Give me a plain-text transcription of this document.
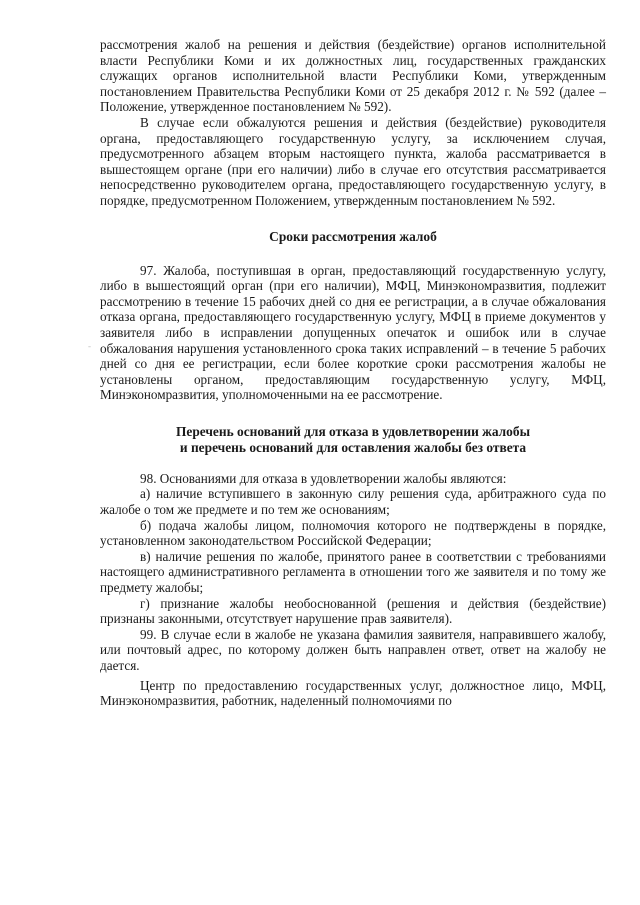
-

рассмотрения жалоб на решения и действия (бездействие) органов исполнительной власти Республики Коми и их должностных лиц, государственных гражданских служащих органов исполнительной власти Республики Коми, утвержденным постановлением Правительства Республики Коми от 25 декабря 2012 г. № 592 (далее – Положение, утвержденное постановлением № 592).

В случае если обжалуются решения и действия (бездействие) руководителя органа, предоставляющего государственную услугу, за исключением случая, предусмотренного абзацем вторым настоящего пункта, жалоба рассматривается в вышестоящем органе (при его наличии) либо в случае его отсутствия рассматривается непосредственно руководителем органа, предоставляющего государственную услугу, в порядке, предусмотренном Положением, утвержденным постановлением № 592.

Сроки рассмотрения жалоб

97. Жалоба, поступившая в орган, предоставляющий государственную услугу, либо в вышестоящий орган (при его наличии), МФЦ, Минэкономразвития, подлежит рассмотрению в течение 15 рабочих дней со дня ее регистрации, а в случае обжалования отказа органа, предоставляющего государственную услугу, МФЦ в приеме документов у заявителя либо в исправлении допущенных опечаток и ошибок или в случае обжалования нарушения установленного срока таких исправлений – в течение 5 рабочих дней со дня ее регистрации, если более короткие сроки рассмотрения жалобы не установлены органом, предоставляющим государственную услугу, МФЦ, Минэкономразвития, уполномоченными на ее рассмотрение.

Перечень оснований для отказа в удовлетворении жалобы
и перечень оснований для оставления жалобы без ответа

98. Основаниями для отказа в удовлетворении жалобы являются:

а) наличие вступившего в законную силу решения суда, арбитражного суда по жалобе о том же предмете и по тем же основаниям;

б) подача жалобы лицом, полномочия которого не подтверждены в порядке, установленном законодательством Российской Федерации;

в) наличие решения по жалобе, принятого ранее в соответствии с требованиями настоящего административного регламента в отношении того же заявителя и по тому же предмету жалобы;

г) признание жалобы необоснованной (решения и действия (бездействие) признаны законными, отсутствует нарушение прав заявителя).

99. В случае если в жалобе не указана фамилия заявителя, направившего жалобу, или почтовый адрес, по которому должен быть направлен ответ, ответ на жалобу не дается.

Центр по предоставлению государственных услуг, должностное лицо, МФЦ, Минэкономразвития, работник, наделенный полномочиями по
